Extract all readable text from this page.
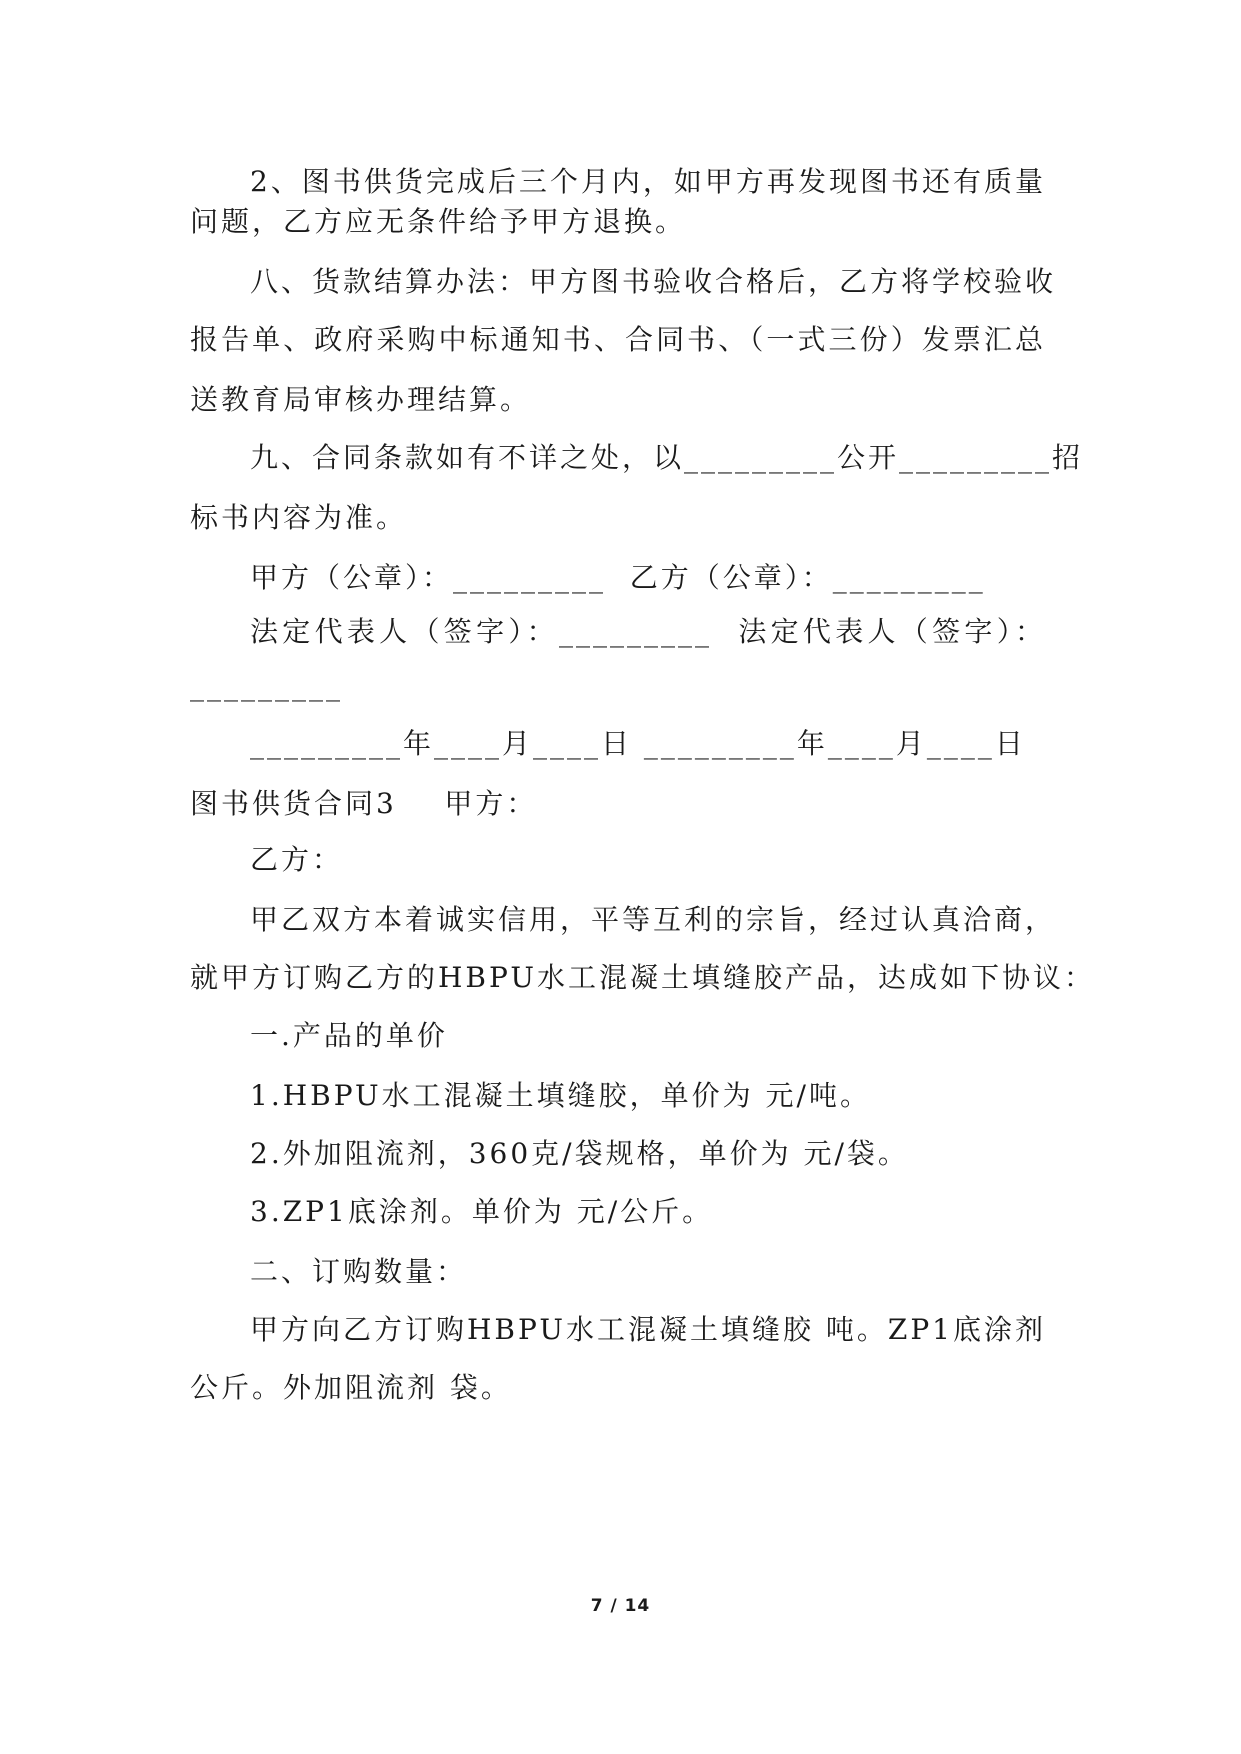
2、图书供货完成后三个月内，如甲方再发现图书还有质量
问题，乙方应无条件给予甲方退换。
八、货款结算办法：甲方图书验收合格后，乙方将学校验收
报告单、政府采购中标通知书、合同书、（一式三份）发票汇总
送教育局审核办理结算。
九、合同条款如有不详之处，以_________公开_________招
标书内容为准。
甲方（公章）：_________  乙方（公章）：_________
法定代表人（签字）：_________  法定代表人（签字）：
_________
_________年____月____日 _________年____月____日
图书供货合同3    甲方：
乙方：
甲乙双方本着诚实信用，平等互利的宗旨，经过认真洽商，
就甲方订购乙方的HBPU水工混凝土填缝胶产品，达成如下协议：
一.产品的单价
1.HBPU水工混凝土填缝胶，单价为 元/吨。
2.外加阻流剂，360克/袋规格，单价为 元/袋。
3.ZP1底涂剂。单价为 元/公斤。
二、订购数量：
甲方向乙方订购HBPU水工混凝土填缝胶 吨。ZP1底涂剂
公斤。外加阻流剂 袋。
7 / 14
